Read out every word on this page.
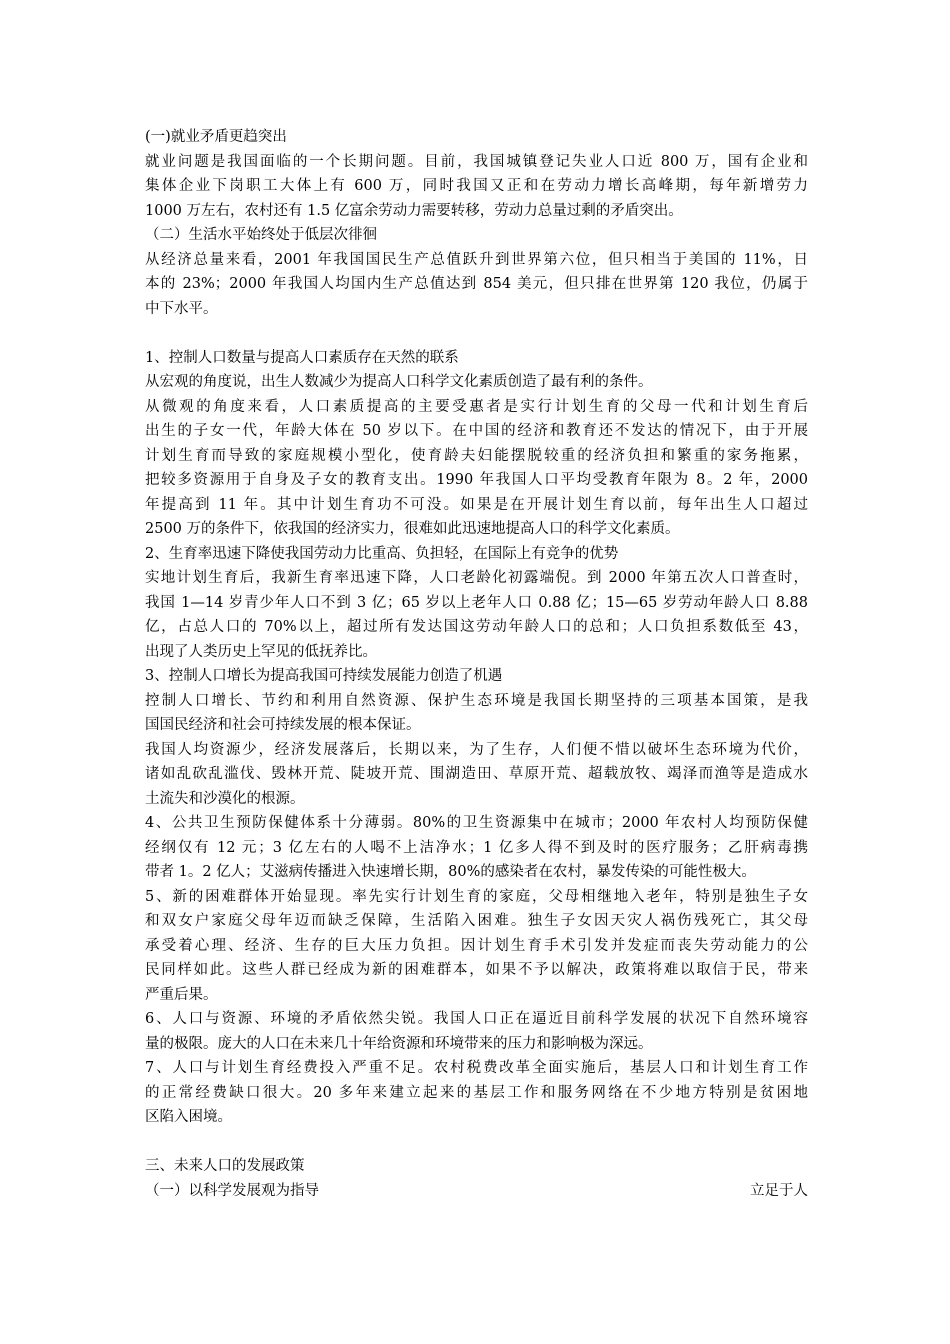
(一)就业矛盾更趋突出
就业问题是我国面临的一个长期问题。目前，我国城镇登记失业人口近 800 万，国有企业和
集体企业下岗职工大体上有 600 万，同时我国又正和在劳动力增长高峰期，每年新增劳力
1000 万左右，农村还有 1.5 亿富余劳动力需要转移，劳动力总量过剩的矛盾突出。
（二）生活水平始终处于低层次徘徊
从经济总量来看，2001 年我国国民生产总值跃升到世界第六位，但只相当于美国的 11%，日
本的 23%；2000 年我国人均国内生产总值达到 854 美元，但只排在世界第 120 我位，仍属于
中下水平。
1、控制人口数量与提高人口素质存在天然的联系
从宏观的角度说，出生人数减少为提高人口科学文化素质创造了最有利的条件。
从微观的角度来看，人口素质提高的主要受惠者是实行计划生育的父母一代和计划生育后
出生的子女一代，年龄大体在 50 岁以下。在中国的经济和教育还不发达的情况下，由于开展
计划生育而导致的家庭规模小型化，使育龄夫妇能摆脱较重的经济负担和繁重的家务拖累，
把较多资源用于自身及子女的教育支出。1990 年我国人口平均受教育年限为 8。2 年，2000
年提高到 11 年。其中计划生育功不可没。如果是在开展计划生育以前，每年出生人口超过
2500 万的条件下，依我国的经济实力，很难如此迅速地提高人口的科学文化素质。
2、生育率迅速下降使我国劳动力比重高、负担轻，在国际上有竞争的优势
实地计划生育后，我新生育率迅速下降，人口老龄化初露端倪。到 2000 年第五次人口普查时，
我国 1—14 岁青少年人口不到 3 亿；65 岁以上老年人口 0.88 亿；15—65 岁劳动年龄人口 8.88
亿，占总人口的 70%以上，超过所有发达国这劳动年龄人口的总和；人口负担系数低至 43，
出现了人类历史上罕见的低抚养比。
3、控制人口增长为提高我国可持续发展能力创造了机遇
控制人口增长、节约和利用自然资源、保护生态环境是我国长期坚持的三项基本国策，是我
国国民经济和社会可持续发展的根本保证。
我国人均资源少，经济发展落后，长期以来，为了生存，人们便不惜以破坏生态环境为代价，
诸如乱砍乱滥伐、毁林开荒、陡坡开荒、围湖造田、草原开荒、超载放牧、竭泽而渔等是造成水
土流失和沙漠化的根源。
4、公共卫生预防保健体系十分薄弱。80%的卫生资源集中在城市；2000 年农村人均预防保健
经纲仅有 12 元；3 亿左右的人喝不上洁净水；1 亿多人得不到及时的医疗服务；乙肝病毒携
带者 1。2 亿人；艾滋病传播进入快速增长期，80%的感染者在农村，暴发传染的可能性极大。
5、新的困难群体开始显现。率先实行计划生育的家庭，父母相继地入老年，特别是独生子女
和双女户家庭父母年迈而缺乏保障，生活陷入困难。独生子女因天灾人祸伤残死亡，其父母
承受着心理、经济、生存的巨大压力负担。因计划生育手术引发并发症而丧失劳动能力的公
民同样如此。这些人群已经成为新的困难群本，如果不予以解决，政策将难以取信于民，带来
严重后果。
6、人口与资源、环境的矛盾依然尖锐。我国人口正在逼近目前科学发展的状况下自然环境容
量的极限。庞大的人口在未来几十年给资源和环境带来的压力和影响极为深远。
7、人口与计划生育经费投入严重不足。农村税费改革全面实施后，基层人口和计划生育工作
的正常经费缺口很大。20 多年来建立起来的基层工作和服务网络在不少地方特别是贫困地
区陷入困境。
三、未来人口的发展政策
（一）以科学发展观为指导	立足于人
